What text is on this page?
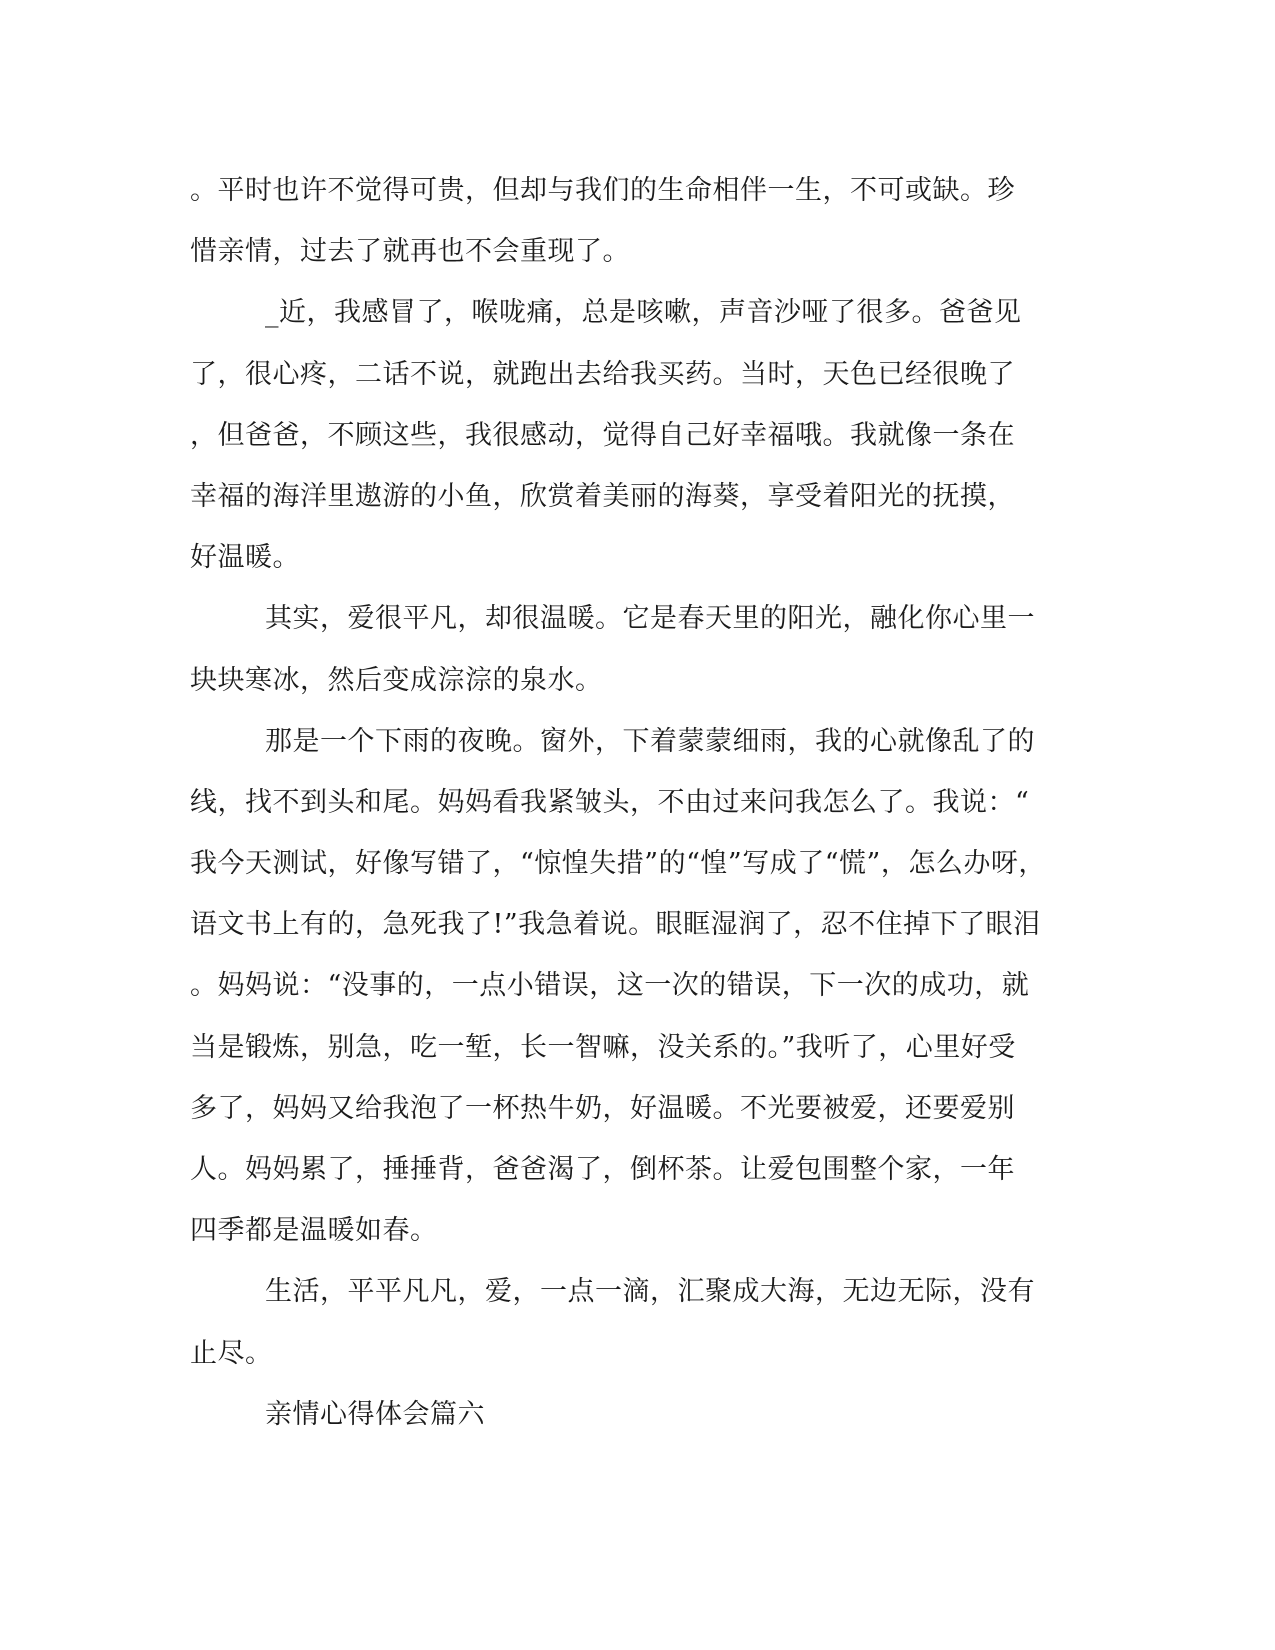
。平时也许不觉得可贵，但却与我们的生命相伴一生，不可或缺。珍
惜亲情，过去了就再也不会重现了。
_近，我感冒了，喉咙痛，总是咳嗽，声音沙哑了很多。爸爸见
了，很心疼，二话不说，就跑出去给我买药。当时，天色已经很晚了
，但爸爸，不顾这些，我很感动，觉得自己好幸福哦。我就像一条在
幸福的海洋里遨游的小鱼，欣赏着美丽的海葵，享受着阳光的抚摸，
好温暖。
其实，爱很平凡，却很温暖。它是春天里的阳光，融化你心里一
块块寒冰，然后变成淙淙的泉水。
那是一个下雨的夜晚。窗外，下着蒙蒙细雨，我的心就像乱了的
线，找不到头和尾。妈妈看我紧皱头，不由过来问我怎么了。我说：“
我今天测试，好像写错了，“惊惶失措”的“惶”写成了“慌”，怎么办呀，
语文书上有的，急死我了!”我急着说。眼眶湿润了，忍不住掉下了眼泪
。妈妈说：“没事的，一点小错误，这一次的错误，下一次的成功，就
当是锻炼，别急，吃一堑，长一智嘛，没关系的。”我听了，心里好受
多了，妈妈又给我泡了一杯热牛奶，好温暖。不光要被爱，还要爱别
人。妈妈累了，捶捶背，爸爸渴了，倒杯茶。让爱包围整个家，一年
四季都是温暖如春。
生活，平平凡凡，爱，一点一滴，汇聚成大海，无边无际，没有
止尽。
亲情心得体会篇六
